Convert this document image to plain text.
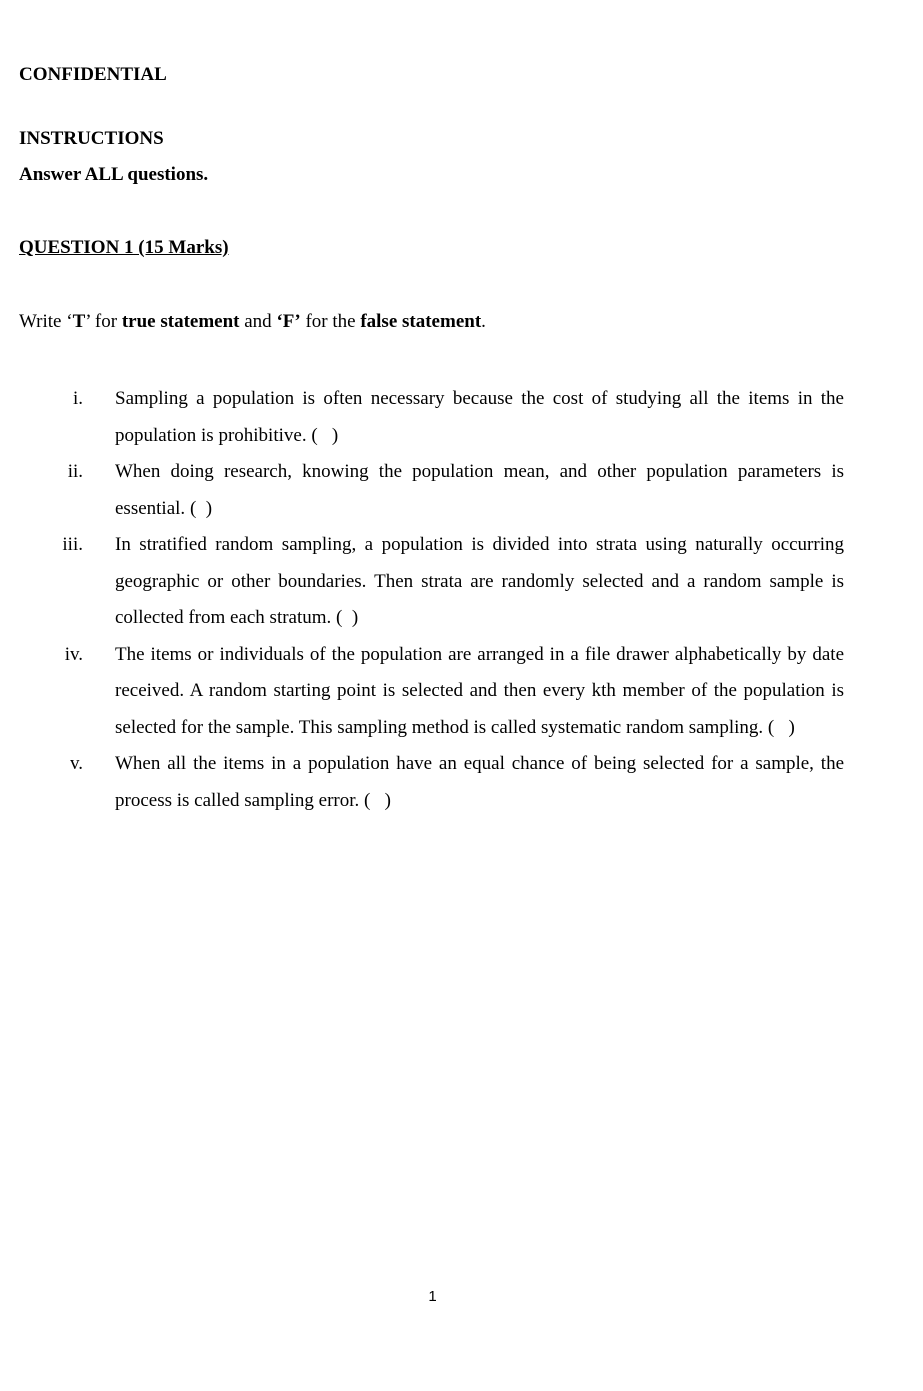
CONFIDENTIAL
INSTRUCTIONS
Answer ALL questions.
QUESTION 1 (15 Marks)
Write ‘T’ for true statement and ‘F’ for the false statement.
i. Sampling a population is often necessary because the cost of studying all the items in the population is prohibitive. (   )
ii. When doing research, knowing the population mean, and other population parameters is essential. (  )
iii. In stratified random sampling, a population is divided into strata using naturally occurring geographic or other boundaries. Then strata are randomly selected and a random sample is collected from each stratum. (  )
iv. The items or individuals of the population are arranged in a file drawer alphabetically by date received. A random starting point is selected and then every kth member of the population is selected for the sample. This sampling method is called systematic random sampling. (   )
v. When all the items in a population have an equal chance of being selected for a sample, the process is called sampling error. (   )
1
